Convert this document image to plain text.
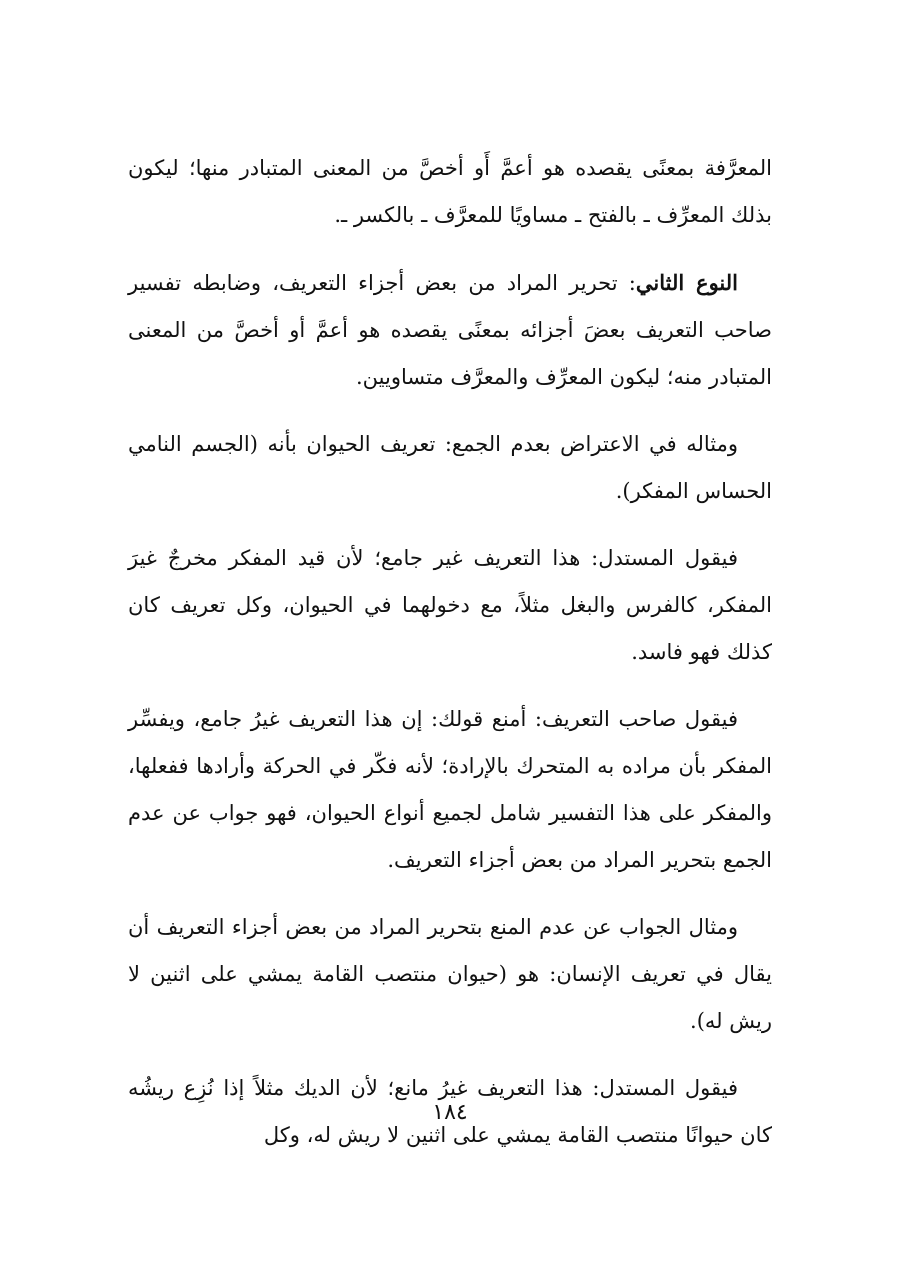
المعرَّفة بمعنًى يقصده هو أعمَّ أَو أخصَّ من المعنى المتبادر منها؛ ليكون بذلك المعرِّف ـ بالفتح ـ مساويًا للمعرَّف ـ بالكسر ـ.

النوع الثاني: تحرير المراد من بعض أجزاء التعريف، وضابطه تفسير صاحب التعريف بعضَ أجزائه بمعنًى يقصده هو أعمَّ أو أخصَّ من المعنى المتبادر منه؛ ليكون المعرِّف والمعرَّف متساويين.

ومثاله في الاعتراض بعدم الجمع: تعريف الحيوان بأنه (الجسم النامي الحساس المفكر).

فيقول المستدل: هذا التعريف غير جامع؛ لأن قيد المفكر مخرجٌ غيرَ المفكر، كالفرس والبغل مثلاً، مع دخولهما في الحيوان، وكل تعريف كان كذلك فهو فاسد.

فيقول صاحب التعريف: أمنع قولك: إن هذا التعريف غيرُ جامع، ويفسِّر المفكر بأن مراده به المتحرك بالإرادة؛ لأنه فكّر في الحركة وأرادها ففعلها، والمفكر على هذا التفسير شامل لجميع أنواع الحيوان، فهو جواب عن عدم الجمع بتحرير المراد من بعض أجزاء التعريف.

ومثال الجواب عن عدم المنع بتحرير المراد من بعض أجزاء التعريف أن يقال في تعريف الإنسان: هو (حيوان منتصب القامة يمشي على اثنين لا ريش له).

فيقول المستدل: هذا التعريف غيرُ مانع؛ لأن الديك مثلاً إذا نُزِع ريشُه كان حيوانًا منتصب القامة يمشي على اثنين لا ريش له، وكل

١٨٤
